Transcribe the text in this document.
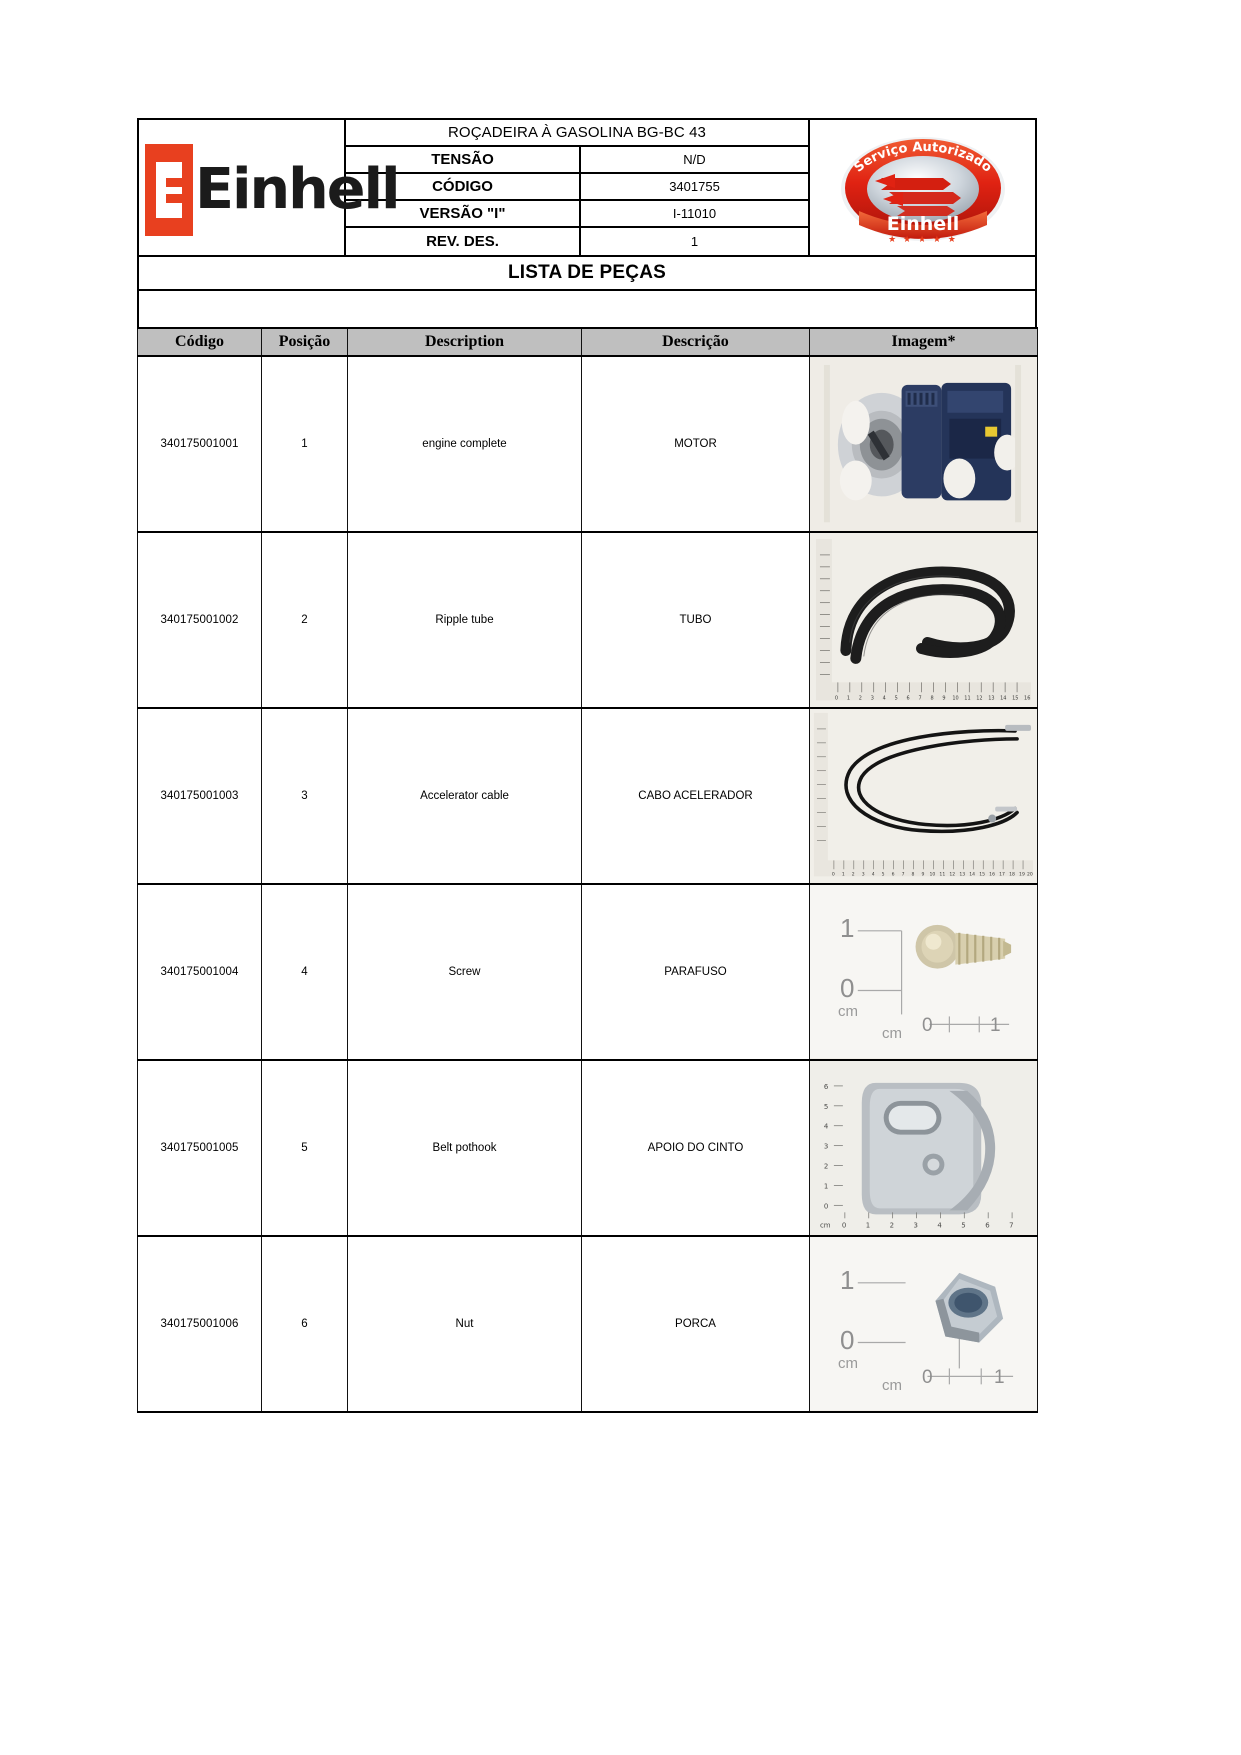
Einhell
ROÇADEIRA À GASOLINA BG-BC 43
TENSÃO	N/D
CÓDIGO	3401755
VERSÃO "I"	I-11010
REV. DES.	1
Einhell
★ ★ ★ ★ ★
Serviço Autorizado
LISTA DE PEÇAS
Código	Posição	Description	Descrição	Imagem*
340175001001	1	engine complete	MOTOR	

340175001002	2	Ripple tube	TUBO	
0 1 2 3 4 5 6 7 8 9 10 11 12 13 14 15 16

340175001003	3	Accelerator cable	CABO ACELERADOR	
0 1 2 3 4 5 6 7 8 9 10 11 12 13 14 15 16 17 18 19 20

340175001004	4	Screw	PARAFUSO	
1
0
cm
cm 0	1

340175001005	5	Belt pothook	APOIO DO CINTO	
6
5
4
3
2
1
0
cm 0	1	2	3	4	5	6	7

340175001006	6	Nut	PORCA	
1
0
cm
cm 0	1
